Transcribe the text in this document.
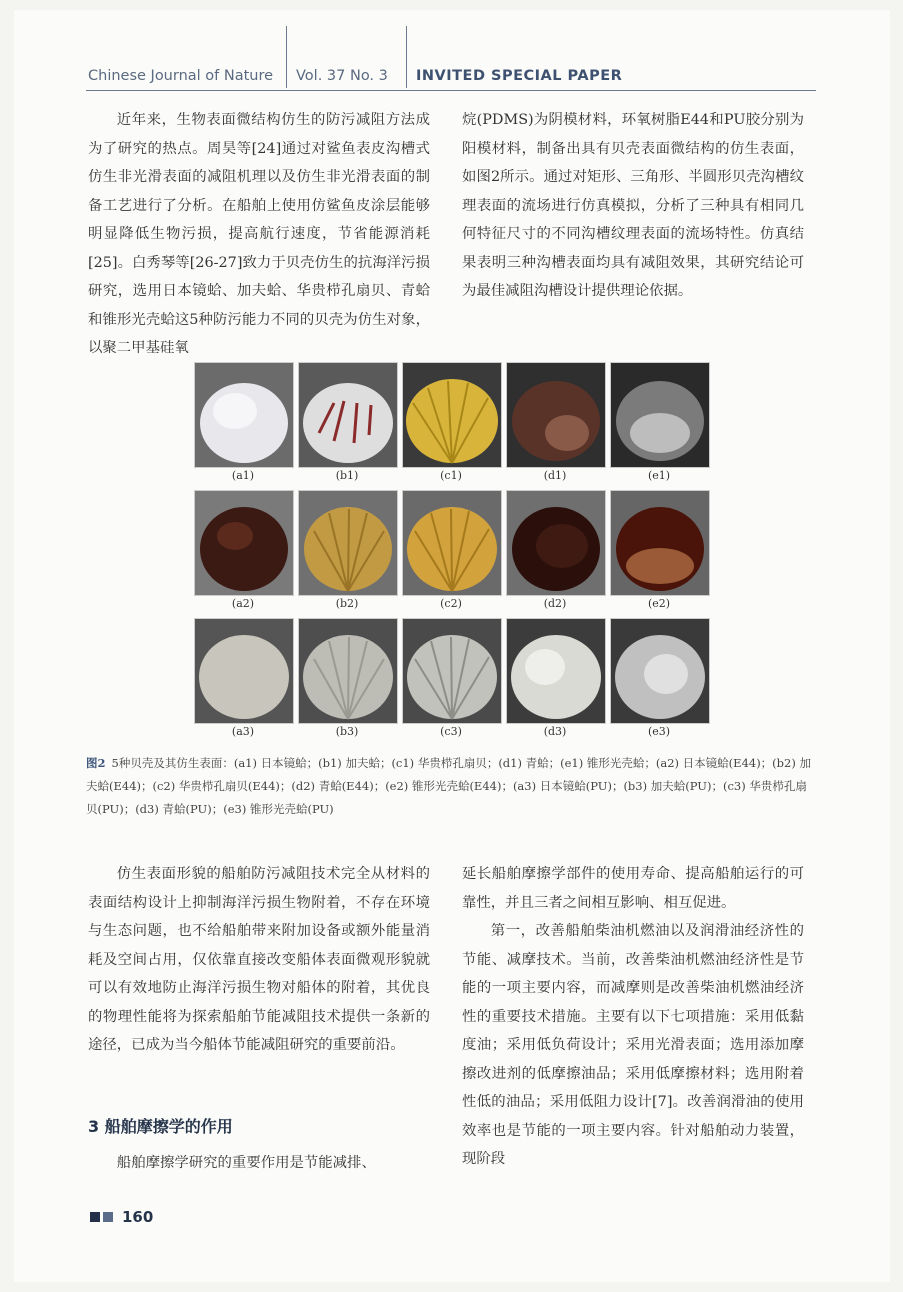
Chinese Journal of Nature Vol. 37 No. 3 INVITED SPECIAL PAPER

近年来，生物表面微结构仿生的防污减阻方法成为了研究的热点。周昊等[24]通过对鲨鱼表皮沟槽式仿生非光滑表面的减阻机理以及仿生非光滑表面的制备工艺进行了分析。在船舶上使用仿鲨鱼皮涂层能够明显降低生物污损，提高航行速度，节省能源消耗[25]。白秀琴等[26-27]致力于贝壳仿生的抗海洋污损研究，选用日本镜蛤、加夫蛤、华贵栉孔扇贝、青蛤和锥形光壳蛤这5种防污能力不同的贝壳为仿生对象，以聚二甲基硅氧

烷(PDMS)为阴模材料，环氧树脂E44和PU胶分别为阳模材料，制备出具有贝壳表面微结构的仿生表面，如图2所示。通过对矩形、三角形、半圆形贝壳沟槽纹理表面的流场进行仿真模拟，分析了三种具有相同几何特征尺寸的不同沟槽纹理表面的流场特性。仿真结果表明三种沟槽表面均具有减阻效果，其研究结论可为最佳减阻沟槽设计提供理论依据。

(a1)	(b1)	(c1)	(d1)	(e1)
(a2)	(b2)	(c2)	(d2)	(e2)
(a3)	(b3)	(c3)	(d3)	(e3)
图2 5种贝壳及其仿生表面：(a1) 日本镜蛤；(b1) 加夫蛤；(c1) 华贵栉孔扇贝；(d1) 青蛤；(e1) 锥形光壳蛤；(a2) 日本镜蛤(E44)；(b2) 加夫蛤(E44)；(c2) 华贵栉孔扇贝(E44)；(d2) 青蛤(E44)；(e2) 锥形光壳蛤(E44)；(a3) 日本镜蛤(PU)；(b3) 加夫蛤(PU)；(c3) 华贵栉孔扇贝(PU)；(d3) 青蛤(PU)；(e3) 锥形光壳蛤(PU)

仿生表面形貌的船舶防污减阻技术完全从材料的表面结构设计上抑制海洋污损生物附着，不存在环境与生态问题，也不给船舶带来附加设备或额外能量消耗及空间占用，仅依靠直接改变船体表面微观形貌就可以有效地防止海洋污损生物对船体的附着，其优良的物理性能将为探索船舶节能减阻技术提供一条新的途径，已成为当今船体节能减阻研究的重要前沿。

3 船舶摩擦学的作用

船舶摩擦学研究的重要作用是节能减排、

延长船舶摩擦学部件的使用寿命、提高船舶运行的可靠性，并且三者之间相互影响、相互促进。

第一，改善船舶柴油机燃油以及润滑油经济性的节能、减摩技术。当前，改善柴油机燃油经济性是节能的一项主要内容，而减摩则是改善柴油机燃油经济性的重要技术措施。主要有以下七项措施：采用低黏度油；采用低负荷设计；采用光滑表面；选用添加摩擦改进剂的低摩擦油品；采用低摩擦材料；选用附着性低的油品；采用低阻力设计[7]。改善润滑油的使用效率也是节能的一项主要内容。针对船舶动力装置，现阶段

160
